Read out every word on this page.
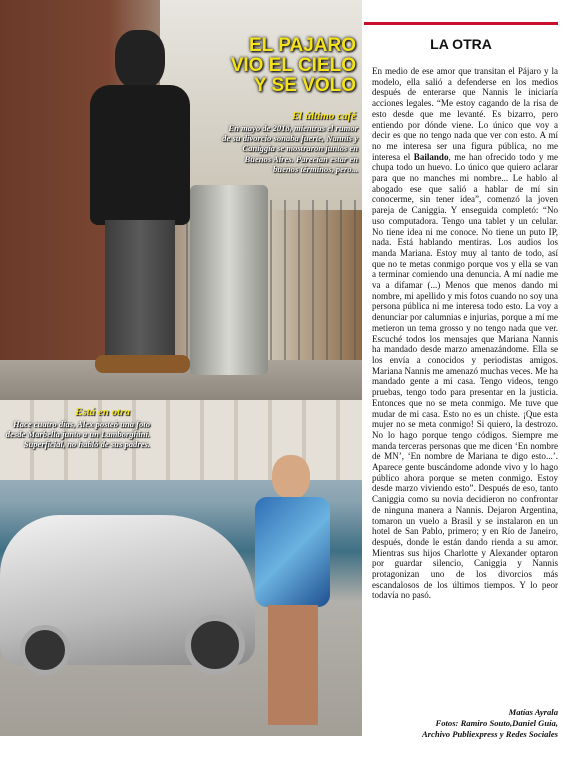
EL PAJARO
VIO EL CIELO
Y SE VOLO
El último café
En mayo de 2018, mientras el rumor de su divorcio sonaba fuerte, Nannis y Caniggia se mostraron juntos en Buenos Aires. Parecían estar en buenos términos, pero...
Está en otra
Hace cuatro días, Alex posteó una foto desde Marbella junto a un Lamborghini. Superficial, no habló de sus padres.
LA OTRA

En medio de ese amor que transitan el Pájaro y la modelo, ella salió a defenderse en los medios después de enterarse que Nannis le iniciaría acciones legales. “Me estoy cagando de la risa de esto desde que me levanté. Es bizarro, pero entiendo por dónde viene. Lo único que voy a decir es que no tengo nada que ver con esto. A mí no me interesa ser una figura pública, no me interesa el Bailando, me han ofrecido todo y me chupa todo un huevo. Lo único que quiero aclarar para que no manches mi nombre... Le hablo al abogado ese que salió a hablar de mí sin conocerme, sin tener idea”, comenzó la joven pareja de Caniggia. Y enseguida completó: “No uso computadora. Tengo una tablet y un celular. No tiene idea ni me conoce. No tiene un puto IP, nada. Está hablando mentiras. Los audios los manda Mariana. Estoy muy al tanto de todo, así que no te metas conmigo porque vos y ella se van a terminar comiendo una denuncia. A mí nadie me va a difamar (...) Menos que menos dando mi nombre, mi apellido y mis fotos cuando no soy una persona pública ni me interesa todo esto. La voy a denunciar por calumnias e injurias, porque a mí me metieron un tema grosso y no tengo nada que ver. Escuché todos los mensajes que Mariana Nannis ha mandado desde marzo amenazándome. Ella se los envía a conocidos y periodistas amigos. Mariana Nannis me amenazó muchas veces. Me ha mandado gente a mi casa. Tengo videos, tengo pruebas, tengo todo para presentar en la justicia. Entonces que no se meta conmigo. Me tuve que mudar de mi casa. Esto no es un chiste. ¡Que esta mujer no se meta conmigo! Si quiero, la destrozo. No lo hago porque tengo códigos. Siempre me manda terceras personas que me dicen ‘En nombre de MN’, ‘En nombre de Mariana te digo esto...’. Aparece gente buscándome adonde vivo y lo hago público ahora porque se meten conmigo. Estoy desde marzo viviendo esto”. Después de eso, tanto Caniggia como su novia decidieron no confrontar de ninguna manera a Nannis. Dejaron Argentina, tomaron un vuelo a Brasil y se instalaron en un hotel de San Pablo, primero; y en Río de Janeiro, después, donde le están dando rienda a su amor. Mientras sus hijos Charlotte y Alexander optaron por guardar silencio, Caniggia y Nannis protagonizan uno de los divorcios más escandalosos de los últimos tiempos. Y lo peor todavía no pasó.

Matías Ayrala
Fotos: Ramiro Souto,Daniel Guía,
Archivo Publiexpress y Redes Sociales
